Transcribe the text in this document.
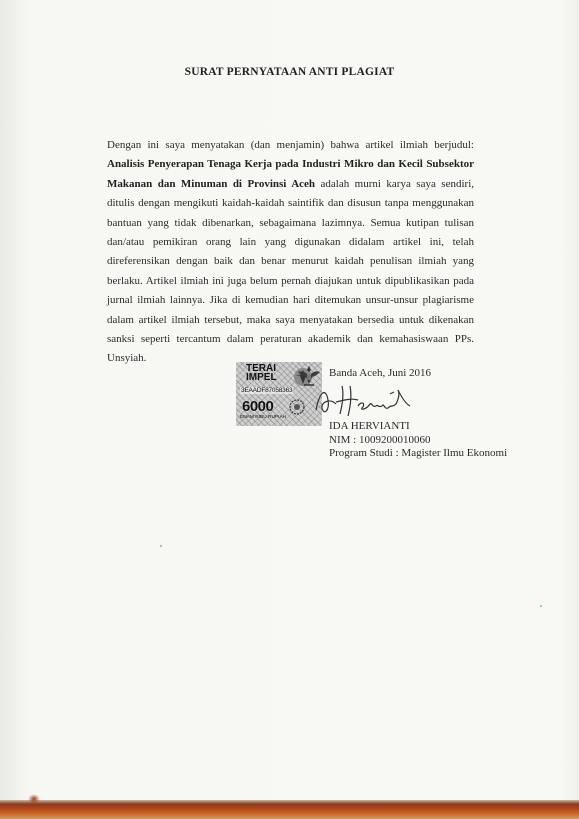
SURAT PERNYATAAN ANTI PLAGIAT
Dengan ini saya menyatakan (dan menjamin) bahwa artikel ilmiah berjudul: Analisis Penyerapan Tenaga Kerja pada Industri Mikro dan Kecil Subsektor Makanan dan Minuman di Provinsi Aceh adalah murni karya saya sendiri, ditulis dengan mengikuti kaidah-kaidah saintifik dan disusun tanpa menggunakan bantuan yang tidak dibenarkan, sebagaimana lazimnya. Semua kutipan tulisan dan/atau pemikiran orang lain yang digunakan didalam artikel ini, telah direferensikan dengan baik dan benar menurut kaidah penulisan ilmiah yang berlaku. Artikel ilmiah ini juga belum pernah diajukan untuk dipublikasikan pada jurnal ilmiah lainnya. Jika di kemudian hari ditemukan unsur-unsur plagiarisme dalam artikel ilmiah tersebut, maka saya menyatakan bersedia untuk dikenakan sanksi seperti tercantum dalam peraturan akademik dan kemahasiswaan PPs. Unsyiah.
TERAI
IMPEL
3EAADF87058363
6000
ENAM RIBU RUPIAH
Banda Aceh, Juni 2016
IDA HERVIANTI
NIM : 1009200010060
Program Studi : Magister Ilmu Ekonomi
